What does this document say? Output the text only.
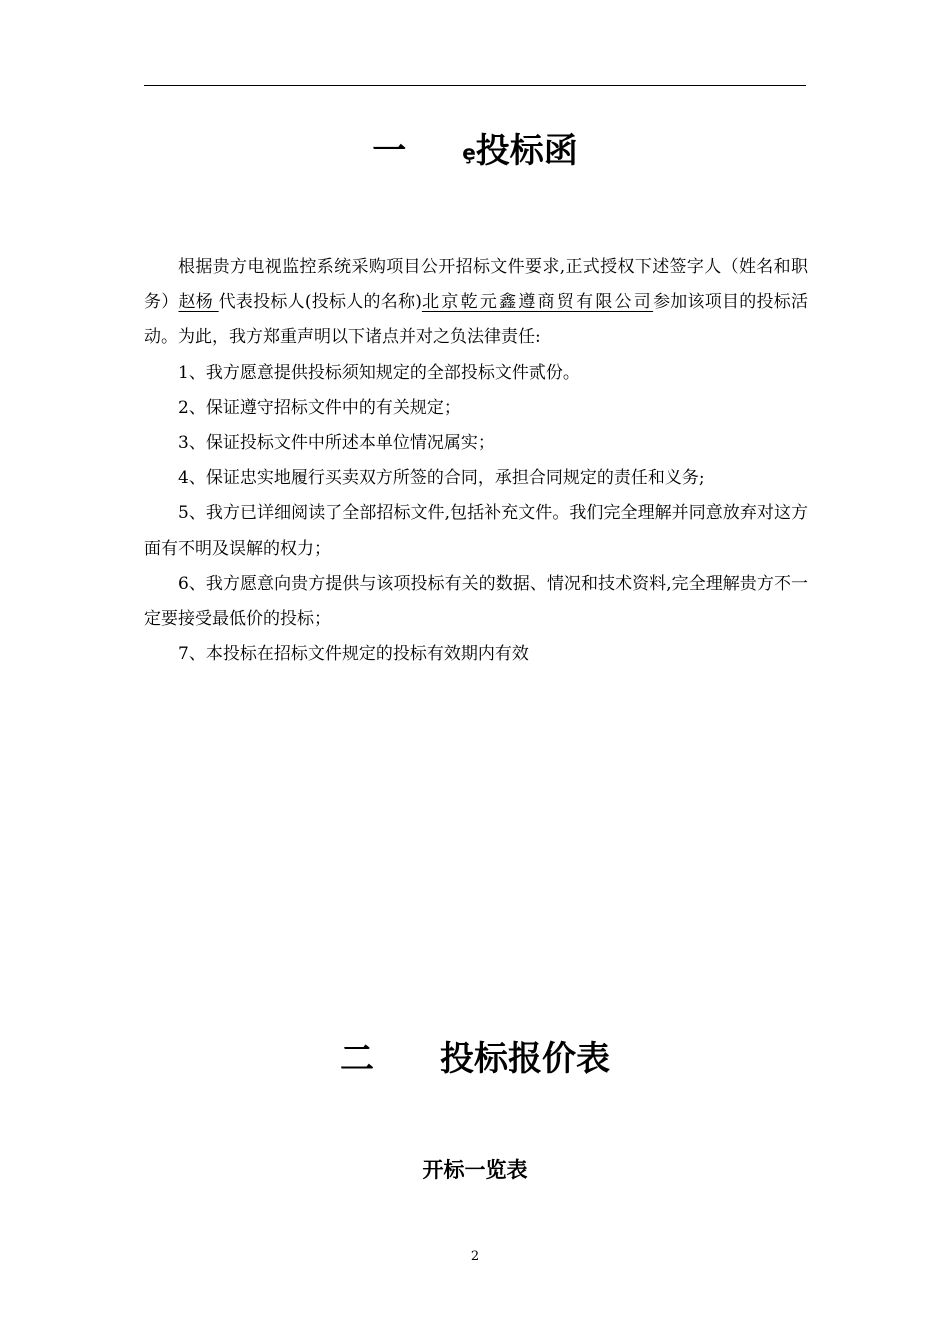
一	ȩ投标函

根据贵方电视监控系统采购项目公开招标文件要求,正式授权下述签字人（姓名和职务）赵杨 代表投标人(投标人的名称)北京乾元鑫遵商贸有限公司参加该项目的投标活动。为此，我方郑重声明以下诸点并对之负法律责任:

1、我方愿意提供投标须知规定的全部投标文件贰份。

2、保证遵守招标文件中的有关规定；

3、保证投标文件中所述本单位情况属实；

4、保证忠实地履行买卖双方所签的合同，承担合同规定的责任和义务;

5、我方已详细阅读了全部招标文件,包括补充文件。我们完全理解并同意放弃对这方面有不明及误解的权力；

6、我方愿意向贵方提供与该项投标有关的数据、情况和技术资料,完全理解贵方不一定要接受最低价的投标；

7、本投标在招标文件规定的投标有效期内有效

二 投标报价表
开标一览表
2
